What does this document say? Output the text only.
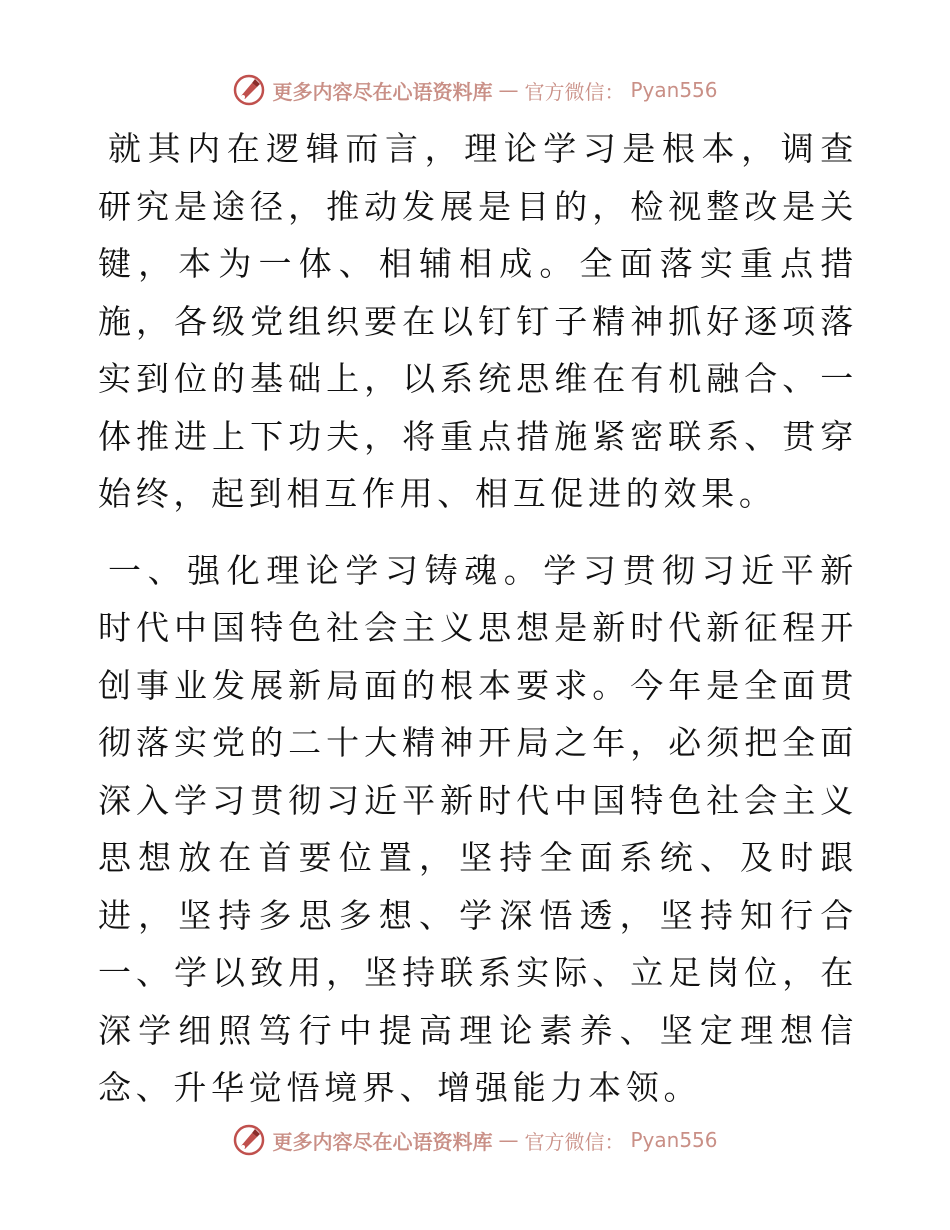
更多内容尽在心语资料库 — 官方微信： Pyan556

就其内在逻辑而言，理论学习是根本，调查研究是途径，推动发展是目的，检视整改是关键，本为一体、相辅相成。全面落实重点措施，各级党组织要在以钉钉子精神抓好逐项落实到位的基础上，以系统思维在有机融合、一体推进上下功夫，将重点措施紧密联系、贯穿始终，起到相互作用、相互促进的效果。

一、强化理论学习铸魂。学习贯彻习近平新时代中国特色社会主义思想是新时代新征程开创事业发展新局面的根本要求。今年是全面贯彻落实党的二十大精神开局之年，必须把全面深入学习贯彻习近平新时代中国特色社会主义思想放在首要位置，坚持全面系统、及时跟进，坚持多思多想、学深悟透，坚持知行合一、学以致用，坚持联系实际、立足岗位，在深学细照笃行中提高理论素养、坚定理想信念、升华觉悟境界、增强能力本领。

更多内容尽在心语资料库 — 官方微信： Pyan556
